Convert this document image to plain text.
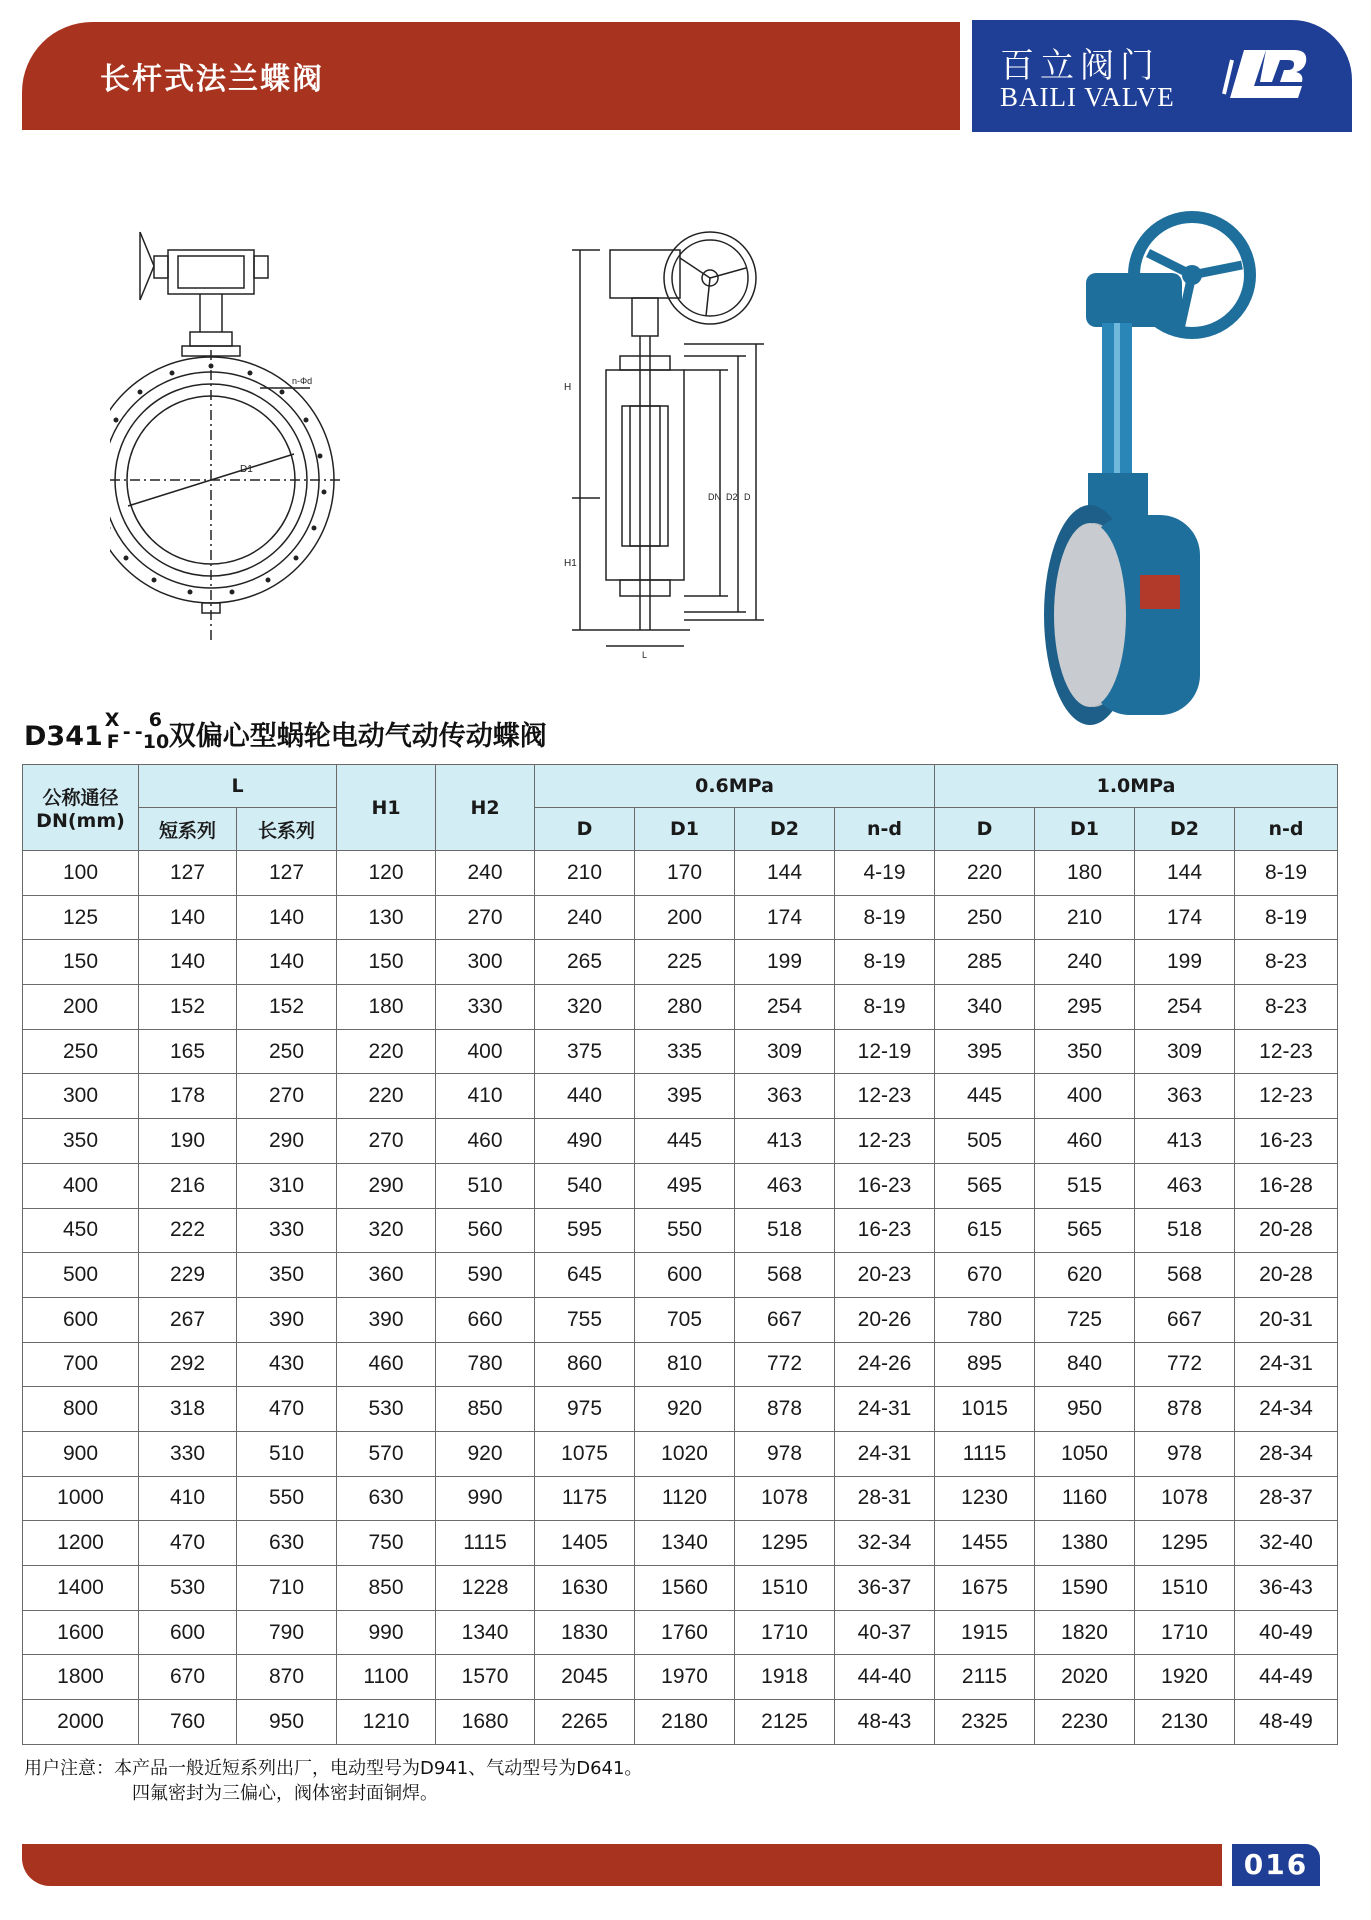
长杆式法兰蝶阀	百立阀门
BAILI VALVE
D1
n-Φd
H
H1
DN D2 D
L
D341
X
F - -
6
10 双偏心型蜗轮电动气动传动蝶阀
公称通径 DN(mm)	L		H1	H2	0.6MPa				1.0MPa			
	短系列	长系列			D	D1	D2	n-d	D	D1	D2	n-d
100	127	127	120	240	210	170	144	4-19	220	180	144	8-19
125	140	140	130	270	240	200	174	8-19	250	210	174	8-19
150	140	140	150	300	265	225	199	8-19	285	240	199	8-23
200	152	152	180	330	320	280	254	8-19	340	295	254	8-23
250	165	250	220	400	375	335	309	12-19	395	350	309	12-23
300	178	270	220	410	440	395	363	12-23	445	400	363	12-23
350	190	290	270	460	490	445	413	12-23	505	460	413	16-23
400	216	310	290	510	540	495	463	16-23	565	515	463	16-28
450	222	330	320	560	595	550	518	16-23	615	565	518	20-28
500	229	350	360	590	645	600	568	20-23	670	620	568	20-28
600	267	390	390	660	755	705	667	20-26	780	725	667	20-31
700	292	430	460	780	860	810	772	24-26	895	840	772	24-31
800	318	470	530	850	975	920	878	24-31	1015	950	878	24-34
900	330	510	570	920	1075	1020	978	24-31	1115	1050	978	28-34
1000	410	550	630	990	1175	1120	1078	28-31	1230	1160	1078	28-37
1200	470	630	750	1115	1405	1340	1295	32-34	1455	1380	1295	32-40
1400	530	710	850	1228	1630	1560	1510	36-37	1675	1590	1510	36-43
1600	600	790	990	1340	1830	1760	1710	40-37	1915	1820	1710	40-49
1800	670	870	1100	1570	2045	1970	1918	44-40	2115	2020	1920	44-49
2000	760	950	1210	1680	2265	2180	2125	48-43	2325	2230	2130	48-49
用户注意：本产品一般近短系列出厂，电动型号为D941、气动型号为D641。
四氟密封为三偏心，阀体密封面铜焊。
016
